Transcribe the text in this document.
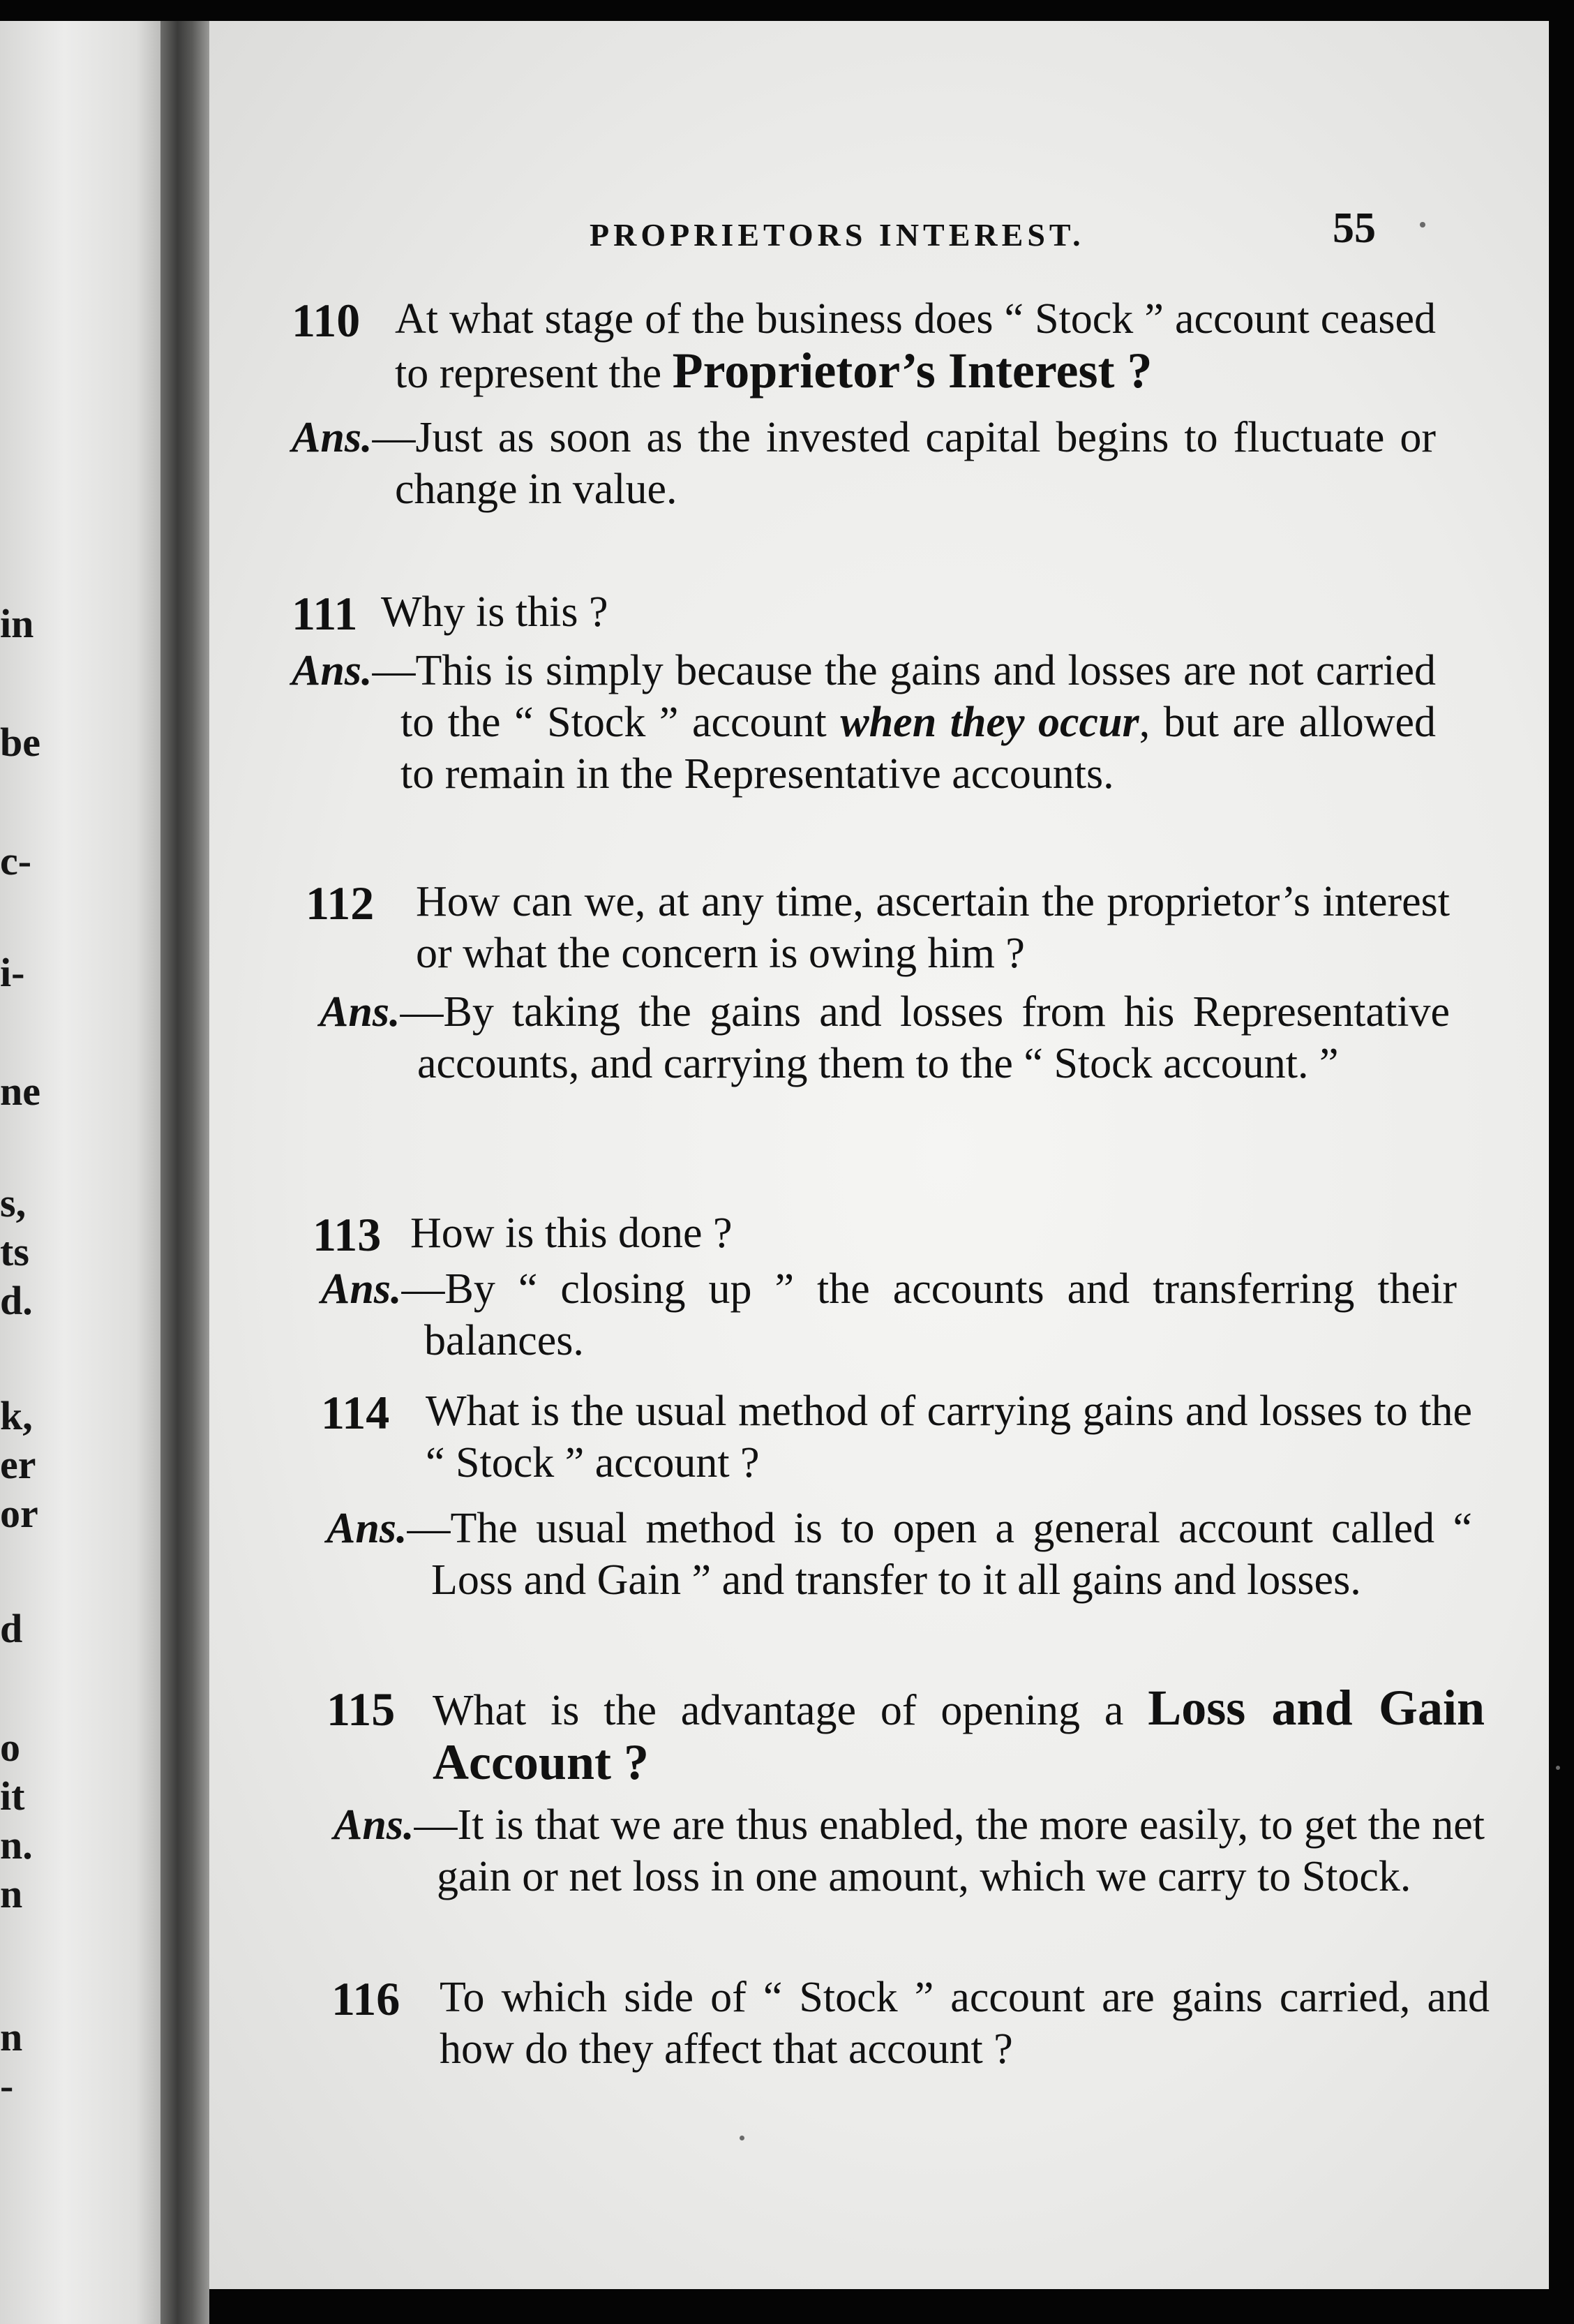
in
be
c-
i-
ne
s,
ts
d.
k,
er
or
d
o
it
n.
n
n
-
PROPRIETORS INTEREST.	55
110 At what stage of the business does “ Stock ” account ceased to represent the Proprietor’s Interest ?
Ans.—Just as soon as the invested capital begins to fluctuate or change in value.
111 Why is this ?
Ans.—This is simply because the gains and losses are not carried to the “ Stock ” account when they occur, but are allowed to remain in the Representative accounts.
112 How can we, at any time, ascertain the proprietor’s interest or what the concern is owing him ?
Ans.—By taking the gains and losses from his Representative accounts, and carrying them to the “ Stock account. ”
113 How is this done ?
Ans.—By “ closing up ” the accounts and transferring their balances.
114 What is the usual method of carrying gains and losses to the “ Stock ” account ?
Ans.—The usual method is to open a general account called “ Loss and Gain ” and transfer to it all gains and losses.
115 What is the advantage of opening a Loss and Gain Account ?
Ans.—It is that we are thus enabled, the more easily, to get the net gain or net loss in one amount, which we carry to Stock.
116 To which side of “ Stock ” account are gains carried, and how do they affect that account ?
